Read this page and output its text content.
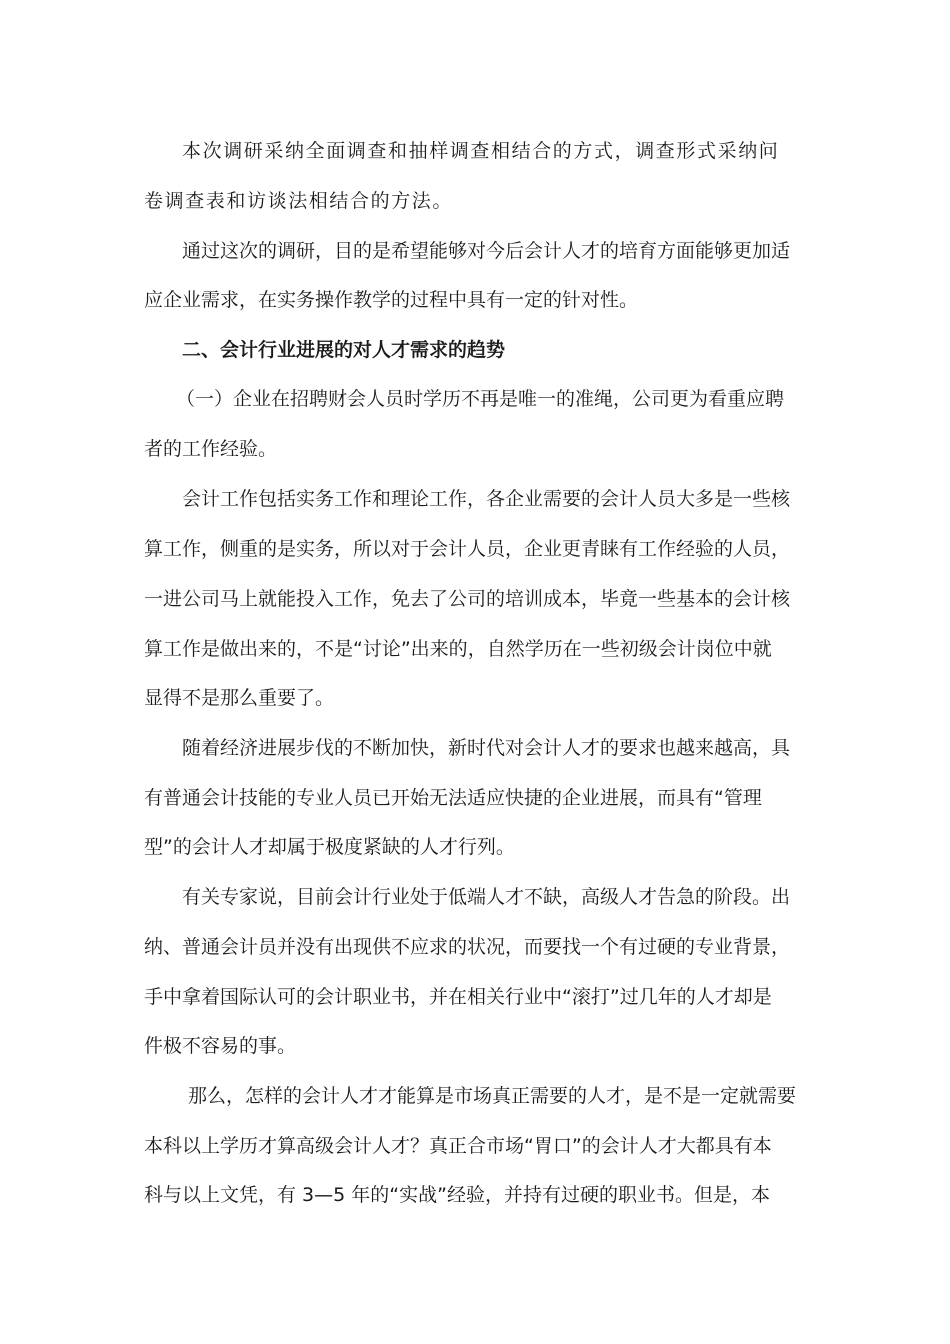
本次调研采纳全面调查和抽样调查相结合的方式，调查形式采纳问
卷调查表和访谈法相结合的方法。
通过这次的调研，目的是希望能够对今后会计人才的培育方面能够更加适
应企业需求，在实务操作教学的过程中具有一定的针对性。
二、会计行业进展的对人才需求的趋势
（一）企业在招聘财会人员时学历不再是唯一的准绳，公司更为看重应聘
者的工作经验。
会计工作包括实务工作和理论工作，各企业需要的会计人员大多是一些核
算工作，侧重的是实务，所以对于会计人员，企业更青睐有工作经验的人员，
一进公司马上就能投入工作，免去了公司的培训成本，毕竟一些基本的会计核
算工作是做出来的，不是“讨论”出来的，自然学历在一些初级会计岗位中就
显得不是那么重要了。
随着经济进展步伐的不断加快，新时代对会计人才的要求也越来越高，具
有普通会计技能的专业人员已开始无法适应快捷的企业进展，而具有“管理
型”的会计人才却属于极度紧缺的人才行列。
有关专家说，目前会计行业处于低端人才不缺，高级人才告急的阶段。出
纳、普通会计员并没有出现供不应求的状况，而要找一个有过硬的专业背景，
手中拿着国际认可的会计职业书，并在相关行业中“滚打”过几年的人才却是
件极不容易的事。
那么，怎样的会计人才才能算是市场真正需要的人才，是不是一定就需要
本科以上学历才算高级会计人才？真正合市场“胃口”的会计人才大都具有本
科与以上文凭，有 3—5 年的“实战”经验，并持有过硬的职业书。但是，本
